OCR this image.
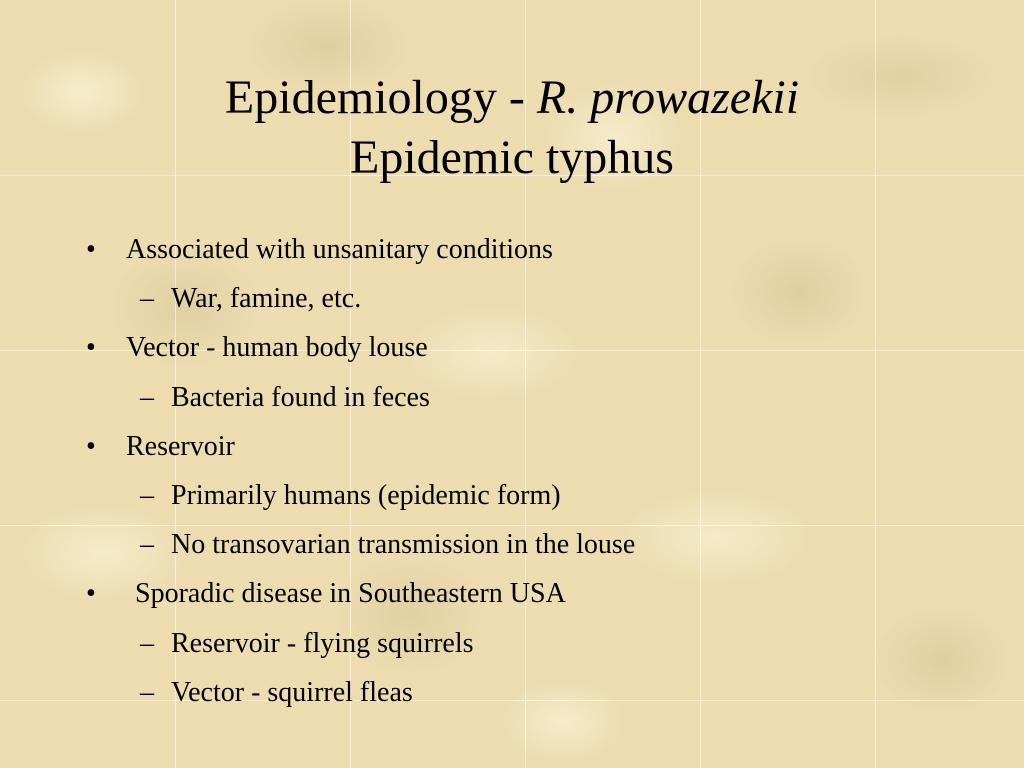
Epidemiology - R. prowazekii
Epidemic typhus
• Associated with unsanitary conditions
– War, famine, etc.
• Vector - human body louse
– Bacteria found in feces
• Reservoir
– Primarily humans (epidemic form)
– No transovarian transmission in the louse
• Sporadic disease in Southeastern USA
– Reservoir - flying squirrels
– Vector - squirrel fleas
